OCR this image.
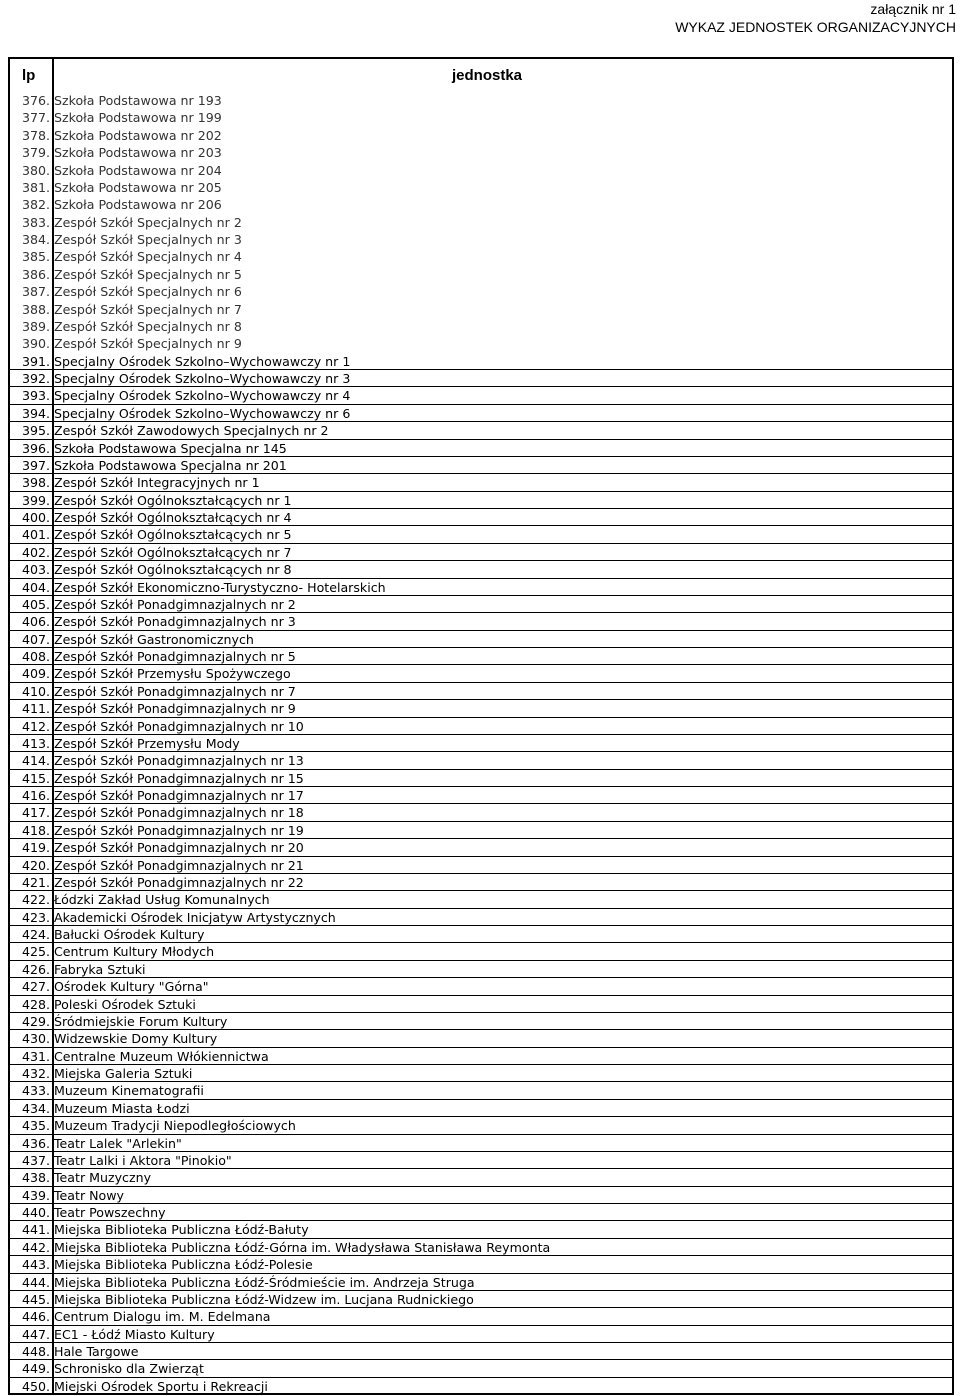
załącznik nr 1
WYKAZ JEDNOSTEK ORGANIZACYJNYCH
lp	jednostka
376. Szkoła Podstawowa nr 193
377. Szkoła Podstawowa nr 199
378. Szkoła Podstawowa nr 202
379. Szkoła Podstawowa nr 203
380. Szkoła Podstawowa nr 204
381. Szkoła Podstawowa nr 205
382. Szkoła Podstawowa nr 206
383. Zespół Szkół Specjalnych nr 2
384. Zespół Szkół Specjalnych nr 3
385. Zespół Szkół Specjalnych nr 4
386. Zespół Szkół Specjalnych nr 5
387. Zespół Szkół Specjalnych nr 6
388. Zespół Szkół Specjalnych nr 7
389. Zespół Szkół Specjalnych nr 8
390. Zespół Szkół Specjalnych nr 9
391. Specjalny Ośrodek Szkolno–Wychowawczy nr 1
392. Specjalny Ośrodek Szkolno–Wychowawczy nr 3
393. Specjalny Ośrodek Szkolno–Wychowawczy nr 4
394. Specjalny Ośrodek Szkolno–Wychowawczy nr 6
395. Zespół Szkół Zawodowych Specjalnych nr 2
396. Szkoła Podstawowa Specjalna nr 145
397. Szkoła Podstawowa Specjalna nr 201
398. Zespół Szkół Integracyjnych nr 1
399. Zespół Szkół Ogólnokształcących nr 1
400. Zespół Szkół Ogólnokształcących nr 4
401. Zespół Szkół Ogólnokształcących nr 5
402. Zespół Szkół Ogólnokształcących nr 7
403. Zespół Szkół Ogólnokształcących nr 8
404. Zespół Szkół Ekonomiczno-Turystyczno- Hotelarskich
405. Zespół Szkół Ponadgimnazjalnych nr 2
406. Zespół Szkół Ponadgimnazjalnych nr 3
407. Zespół Szkół Gastronomicznych
408. Zespół Szkół Ponadgimnazjalnych nr 5
409. Zespół Szkół Przemysłu Spożywczego
410. Zespół Szkół Ponadgimnazjalnych nr 7
411. Zespół Szkół Ponadgimnazjalnych nr 9
412. Zespół Szkół Ponadgimnazjalnych nr 10
413. Zespół Szkół Przemysłu Mody
414. Zespół Szkół Ponadgimnazjalnych nr 13
415. Zespół Szkół Ponadgimnazjalnych nr 15
416. Zespół Szkół Ponadgimnazjalnych nr 17
417. Zespół Szkół Ponadgimnazjalnych nr 18
418. Zespół Szkół Ponadgimnazjalnych nr 19
419. Zespół Szkół Ponadgimnazjalnych nr 20
420. Zespół Szkół Ponadgimnazjalnych nr 21
421. Zespół Szkół Ponadgimnazjalnych nr 22
422. Łódzki Zakład Usług Komunalnych
423. Akademicki Ośrodek Inicjatyw Artystycznych
424. Bałucki Ośrodek Kultury
425. Centrum Kultury Młodych
426. Fabryka Sztuki
427. Ośrodek Kultury "Górna"
428. Poleski Ośrodek Sztuki
429. Śródmiejskie Forum Kultury
430. Widzewskie Domy Kultury
431. Centralne Muzeum Włókiennictwa
432. Miejska Galeria Sztuki
433. Muzeum Kinematografii
434. Muzeum Miasta Łodzi
435. Muzeum Tradycji Niepodległościowych
436. Teatr Lalek "Arlekin"
437. Teatr Lalki i Aktora "Pinokio"
438. Teatr Muzyczny
439. Teatr Nowy
440. Teatr Powszechny
441. Miejska Biblioteka Publiczna Łódź-Bałuty
442. Miejska Biblioteka Publiczna Łódź-Górna im. Władysława Stanisława Reymonta
443. Miejska Biblioteka Publiczna Łódź-Polesie
444. Miejska Biblioteka Publiczna Łódź-Śródmieście im. Andrzeja Struga
445. Miejska Biblioteka Publiczna Łódź-Widzew im. Lucjana Rudnickiego
446. Centrum Dialogu im. M. Edelmana
447. EC1 - Łódź Miasto Kultury
448. Hale Targowe
449. Schronisko dla Zwierząt
450. Miejski Ośrodek Sportu i Rekreacji
